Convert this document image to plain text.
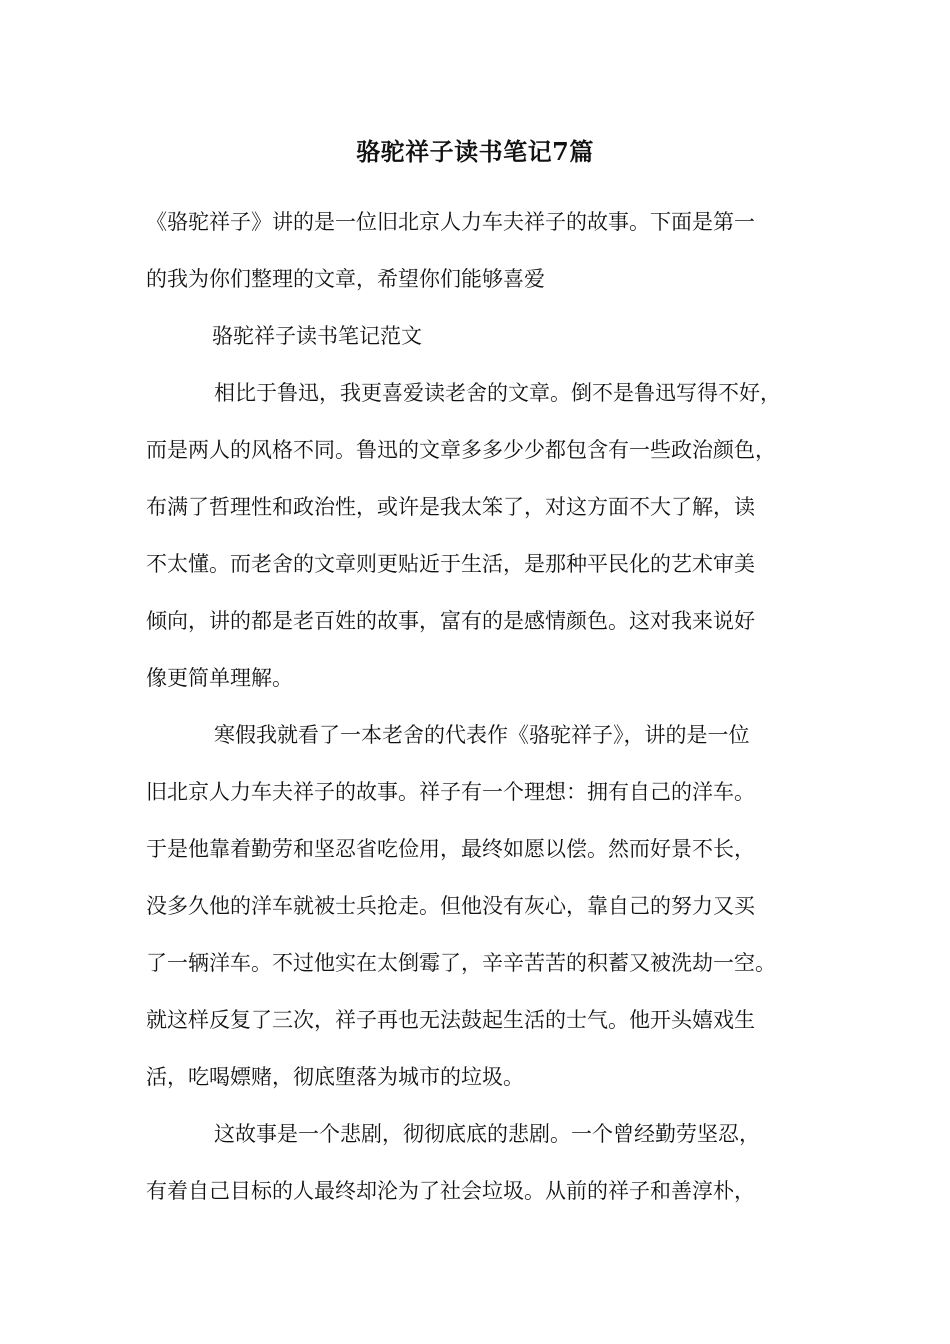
骆驼祥子读书笔记7篇
《骆驼祥子》讲的是一位旧北京人力车夫祥子的故事。下面是第一
的我为你们整理的文章，希望你们能够喜爱
骆驼祥子读书笔记范文
相比于鲁迅，我更喜爱读老舍的文章。倒不是鲁迅写得不好，
而是两人的风格不同。鲁迅的文章多多少少都包含有一些政治颜色，
布满了哲理性和政治性，或许是我太笨了，对这方面不大了解，读
不太懂。而老舍的文章则更贴近于生活，是那种平民化的艺术审美
倾向，讲的都是老百姓的故事，富有的是感情颜色。这对我来说好
像更简单理解。
寒假我就看了一本老舍的代表作《骆驼祥子》，讲的是一位
旧北京人力车夫祥子的故事。祥子有一个理想：拥有自己的洋车。
于是他靠着勤劳和坚忍省吃俭用，最终如愿以偿。然而好景不长，
没多久他的洋车就被士兵抢走。但他没有灰心，靠自己的努力又买
了一辆洋车。不过他实在太倒霉了，辛辛苦苦的积蓄又被洗劫一空。
就这样反复了三次，祥子再也无法鼓起生活的士气。他开头嬉戏生
活，吃喝嫖赌，彻底堕落为城市的垃圾。
这故事是一个悲剧，彻彻底底的悲剧。一个曾经勤劳坚忍，
有着自己目标的人最终却沦为了社会垃圾。从前的祥子和善淳朴，
